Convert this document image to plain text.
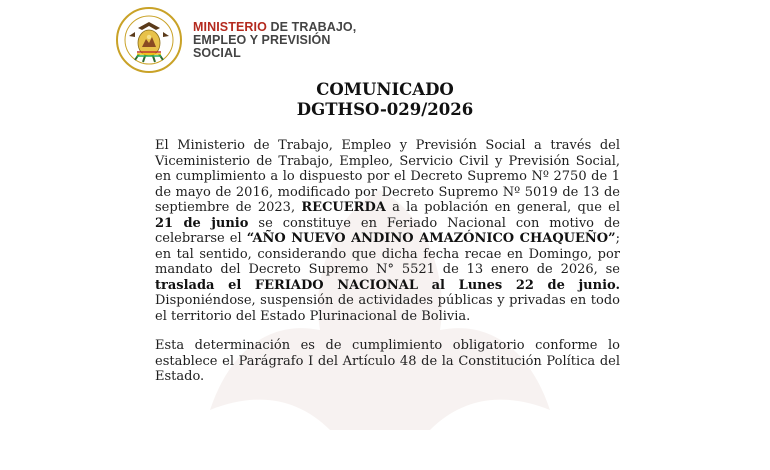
MINISTERIO DE TRABAJO,
EMPLEO Y PREVISIÓN
SOCIAL
COMUNICADO
DGTHSO-029/2026

El Ministerio de Trabajo, Empleo y Previsión Social a través del Viceministerio de Trabajo, Empleo, Servicio Civil y Previsión Social, en cumplimiento a lo dispuesto por el Decreto Supremo Nº 2750 de 1 de mayo de 2016, modificado por Decreto Supremo Nº 5019 de 13 de septiembre de 2023, RECUERDA a la población en general, que el 21 de junio se constituye en Feriado Nacional con motivo de celebrarse el “AÑO NUEVO ANDINO AMAZÓNICO CHAQUEÑO”; en tal sentido, considerando que dicha fecha recae en Domingo, por mandato del Decreto Supremo N° 5521 de 13 enero de 2026, se traslada el FERIADO NACIONAL al Lunes 22 de junio. Disponiéndose, suspensión de actividades públicas y privadas en todo el territorio del Estado Plurinacional de Bolivia.

Esta determinación es de cumplimiento obligatorio conforme lo establece el Parágrafo I del Artículo 48 de la Constitución Política del Estado.
